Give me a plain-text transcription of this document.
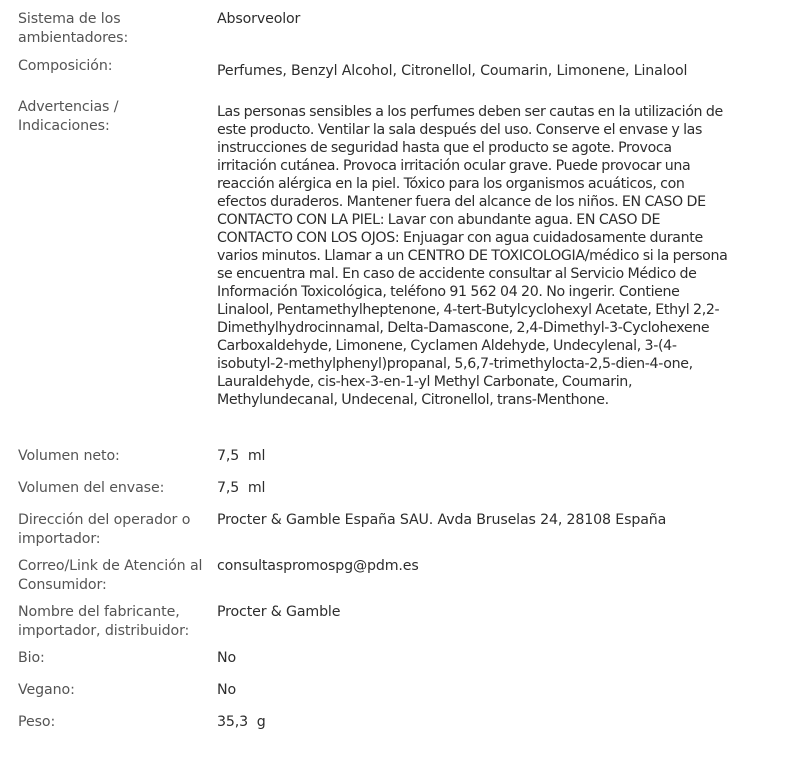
Sistema de los ambientadores:
Absorveolor
Composición:	Perfumes, Benzyl Alcohol, Citronellol, Coumarin, Limonene, Linalool
Advertencias / Indicaciones:
Las personas sensibles a los perfumes deben ser cautas en la utilización de este producto. Ventilar la sala después del uso. Conserve el envase y las instrucciones de seguridad hasta que el producto se agote. Provoca irritación cutánea. Provoca irritación ocular grave. Puede provocar una reacción alérgica en la piel. Tóxico para los organismos acuáticos, con efectos duraderos. Mantener fuera del alcance de los niños. EN CASO DE CONTACTO CON LA PIEL: Lavar con abundante agua. EN CASO DE CONTACTO CON LOS OJOS: Enjuagar con agua cuidadosamente durante varios minutos. Llamar a un CENTRO DE TOXICOLOGIA/médico si la persona se encuentra mal. En caso de accidente consultar al Servicio Médico de Información Toxicológica, teléfono 91 562 04 20. No ingerir. Contiene Linalool, Pentamethylheptenone, 4-tert-Butylcyclohexyl Acetate, Ethyl 2,2-Dimethylhydrocinnamal, Delta-Damascone, 2,4-Dimethyl-3-Cyclohexene Carboxaldehyde, Limonene, Cyclamen Aldehyde, Undecylenal, 3-(4-isobutyl-2-methylphenyl)propanal, 5,6,7-trimethylocta-2,5-dien-4-one, Lauraldehyde, cis-hex-3-en-1-yl Methyl Carbonate, Coumarin, Methylundecanal, Undecenal, Citronellol, trans-Menthone.
Volumen neto:	7,5  ml
Volumen del envase:	7,5  ml
Dirección del operador o importador:
Procter & Gamble España SAU. Avda Bruselas 24, 28108 España
Correo/Link de Atención al Consumidor:
consultaspromospg@pdm.es
Nombre del fabricante, importador, distribuidor:
Procter & Gamble
Bio:	No
Vegano:	No
Peso:	35,3  g
